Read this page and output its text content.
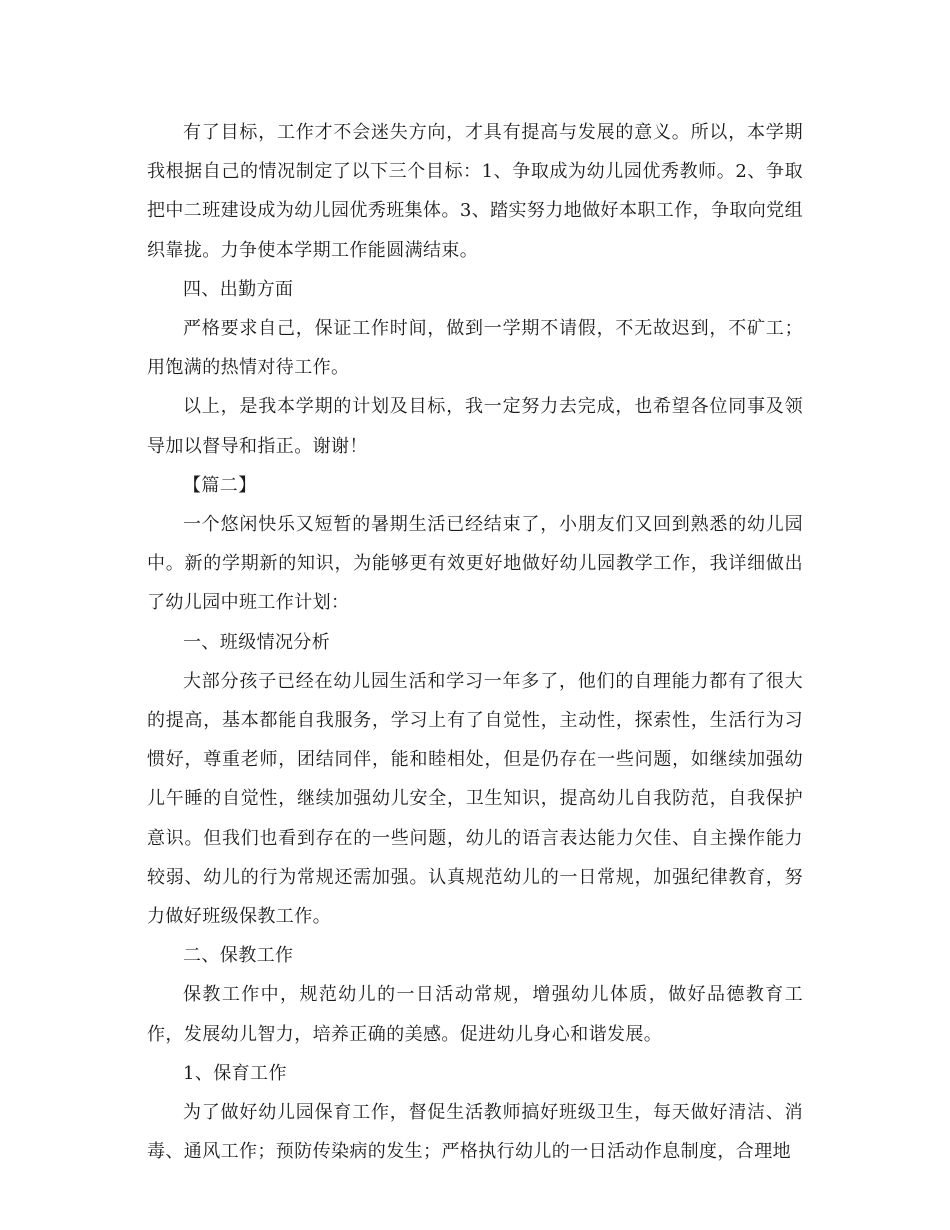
有了目标，工作才不会迷失方向，才具有提高与发展的意义。所以，本学期我根据自己的情况制定了以下三个目标：1、争取成为幼儿园优秀教师。2、争取把中二班建设成为幼儿园优秀班集体。3、踏实努力地做好本职工作，争取向党组织靠拢。力争使本学期工作能圆满结束。

四、出勤方面

严格要求自己，保证工作时间，做到一学期不请假，不无故迟到，不矿工；用饱满的热情对待工作。

以上，是我本学期的计划及目标，我一定努力去完成，也希望各位同事及领导加以督导和指正。谢谢！

【篇二】

一个悠闲快乐又短暂的暑期生活已经结束了，小朋友们又回到熟悉的幼儿园中。新的学期新的知识，为能够更有效更好地做好幼儿园教学工作，我详细做出了幼儿园中班工作计划：

一、班级情况分析

大部分孩子已经在幼儿园生活和学习一年多了，他们的自理能力都有了很大的提高，基本都能自我服务，学习上有了自觉性，主动性，探索性，生活行为习惯好，尊重老师，团结同伴，能和睦相处，但是仍存在一些问题，如继续加强幼儿午睡的自觉性，继续加强幼儿安全，卫生知识，提高幼儿自我防范，自我保护意识。但我们也看到存在的一些问题，幼儿的语言表达能力欠佳、自主操作能力较弱、幼儿的行为常规还需加强。认真规范幼儿的一日常规，加强纪律教育，努力做好班级保教工作。

二、保教工作

保教工作中，规范幼儿的一日活动常规，增强幼儿体质，做好品德教育工作，发展幼儿智力，培养正确的美感。促进幼儿身心和谐发展。

1、保育工作

为了做好幼儿园保育工作，督促生活教师搞好班级卫生，每天做好清洁、消毒、通风工作；预防传染病的发生；严格执行幼儿的一日活动作息制度，合理地
